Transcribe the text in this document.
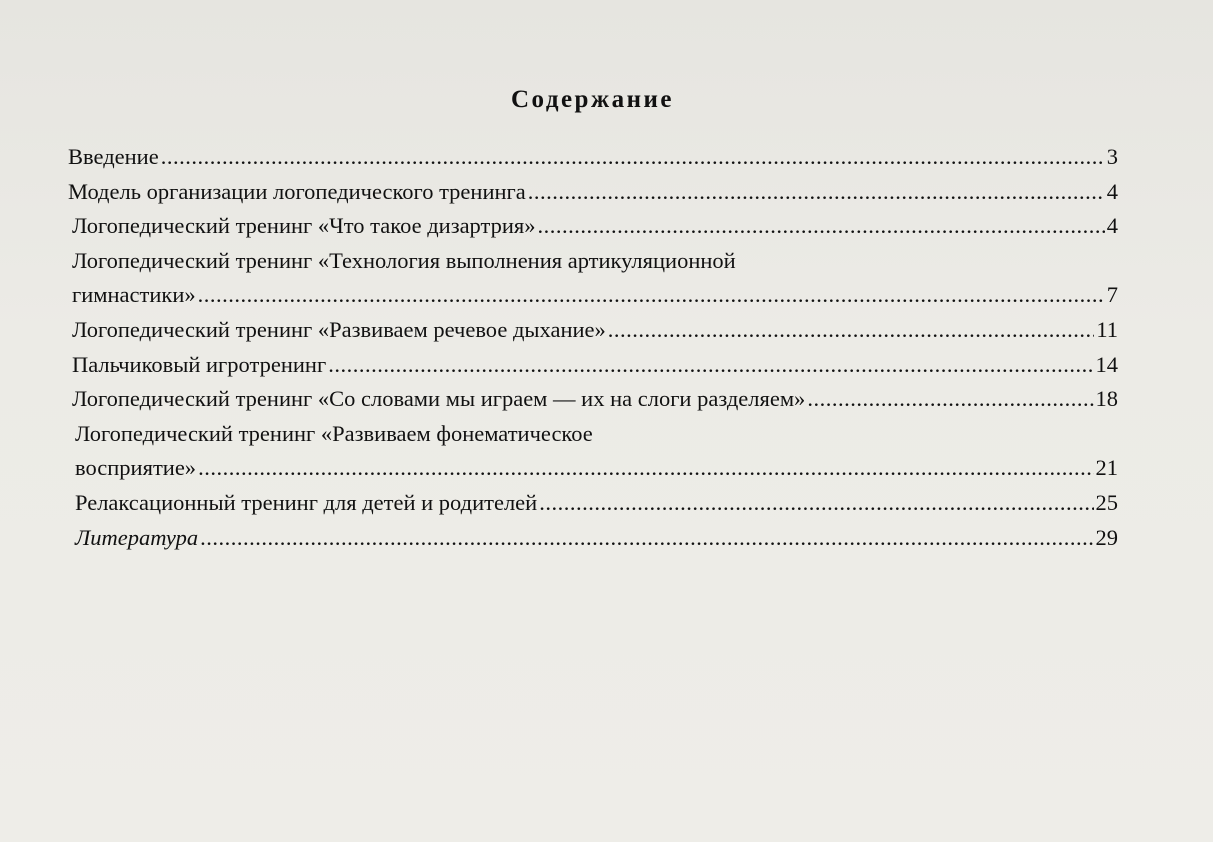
Содержание
Введение .....	3
Модель организации логопедического тренинга .....	4
Логопедический тренинг «Что такое дизартрия» .....	4
Логопедический тренинг «Технология выполнения артикуляционной
гимнастики» .....	7
Логопедический тренинг «Развиваем речевое дыхание» .....	11
Пальчиковый игротренинг .....	14
Логопедический тренинг «Со словами мы играем — их на слоги разделяем» .....	18
Логопедический тренинг «Развиваем фонематическое
восприятие» .....	21
Релаксационный тренинг для детей и родителей .....	25
Литература .....	29
